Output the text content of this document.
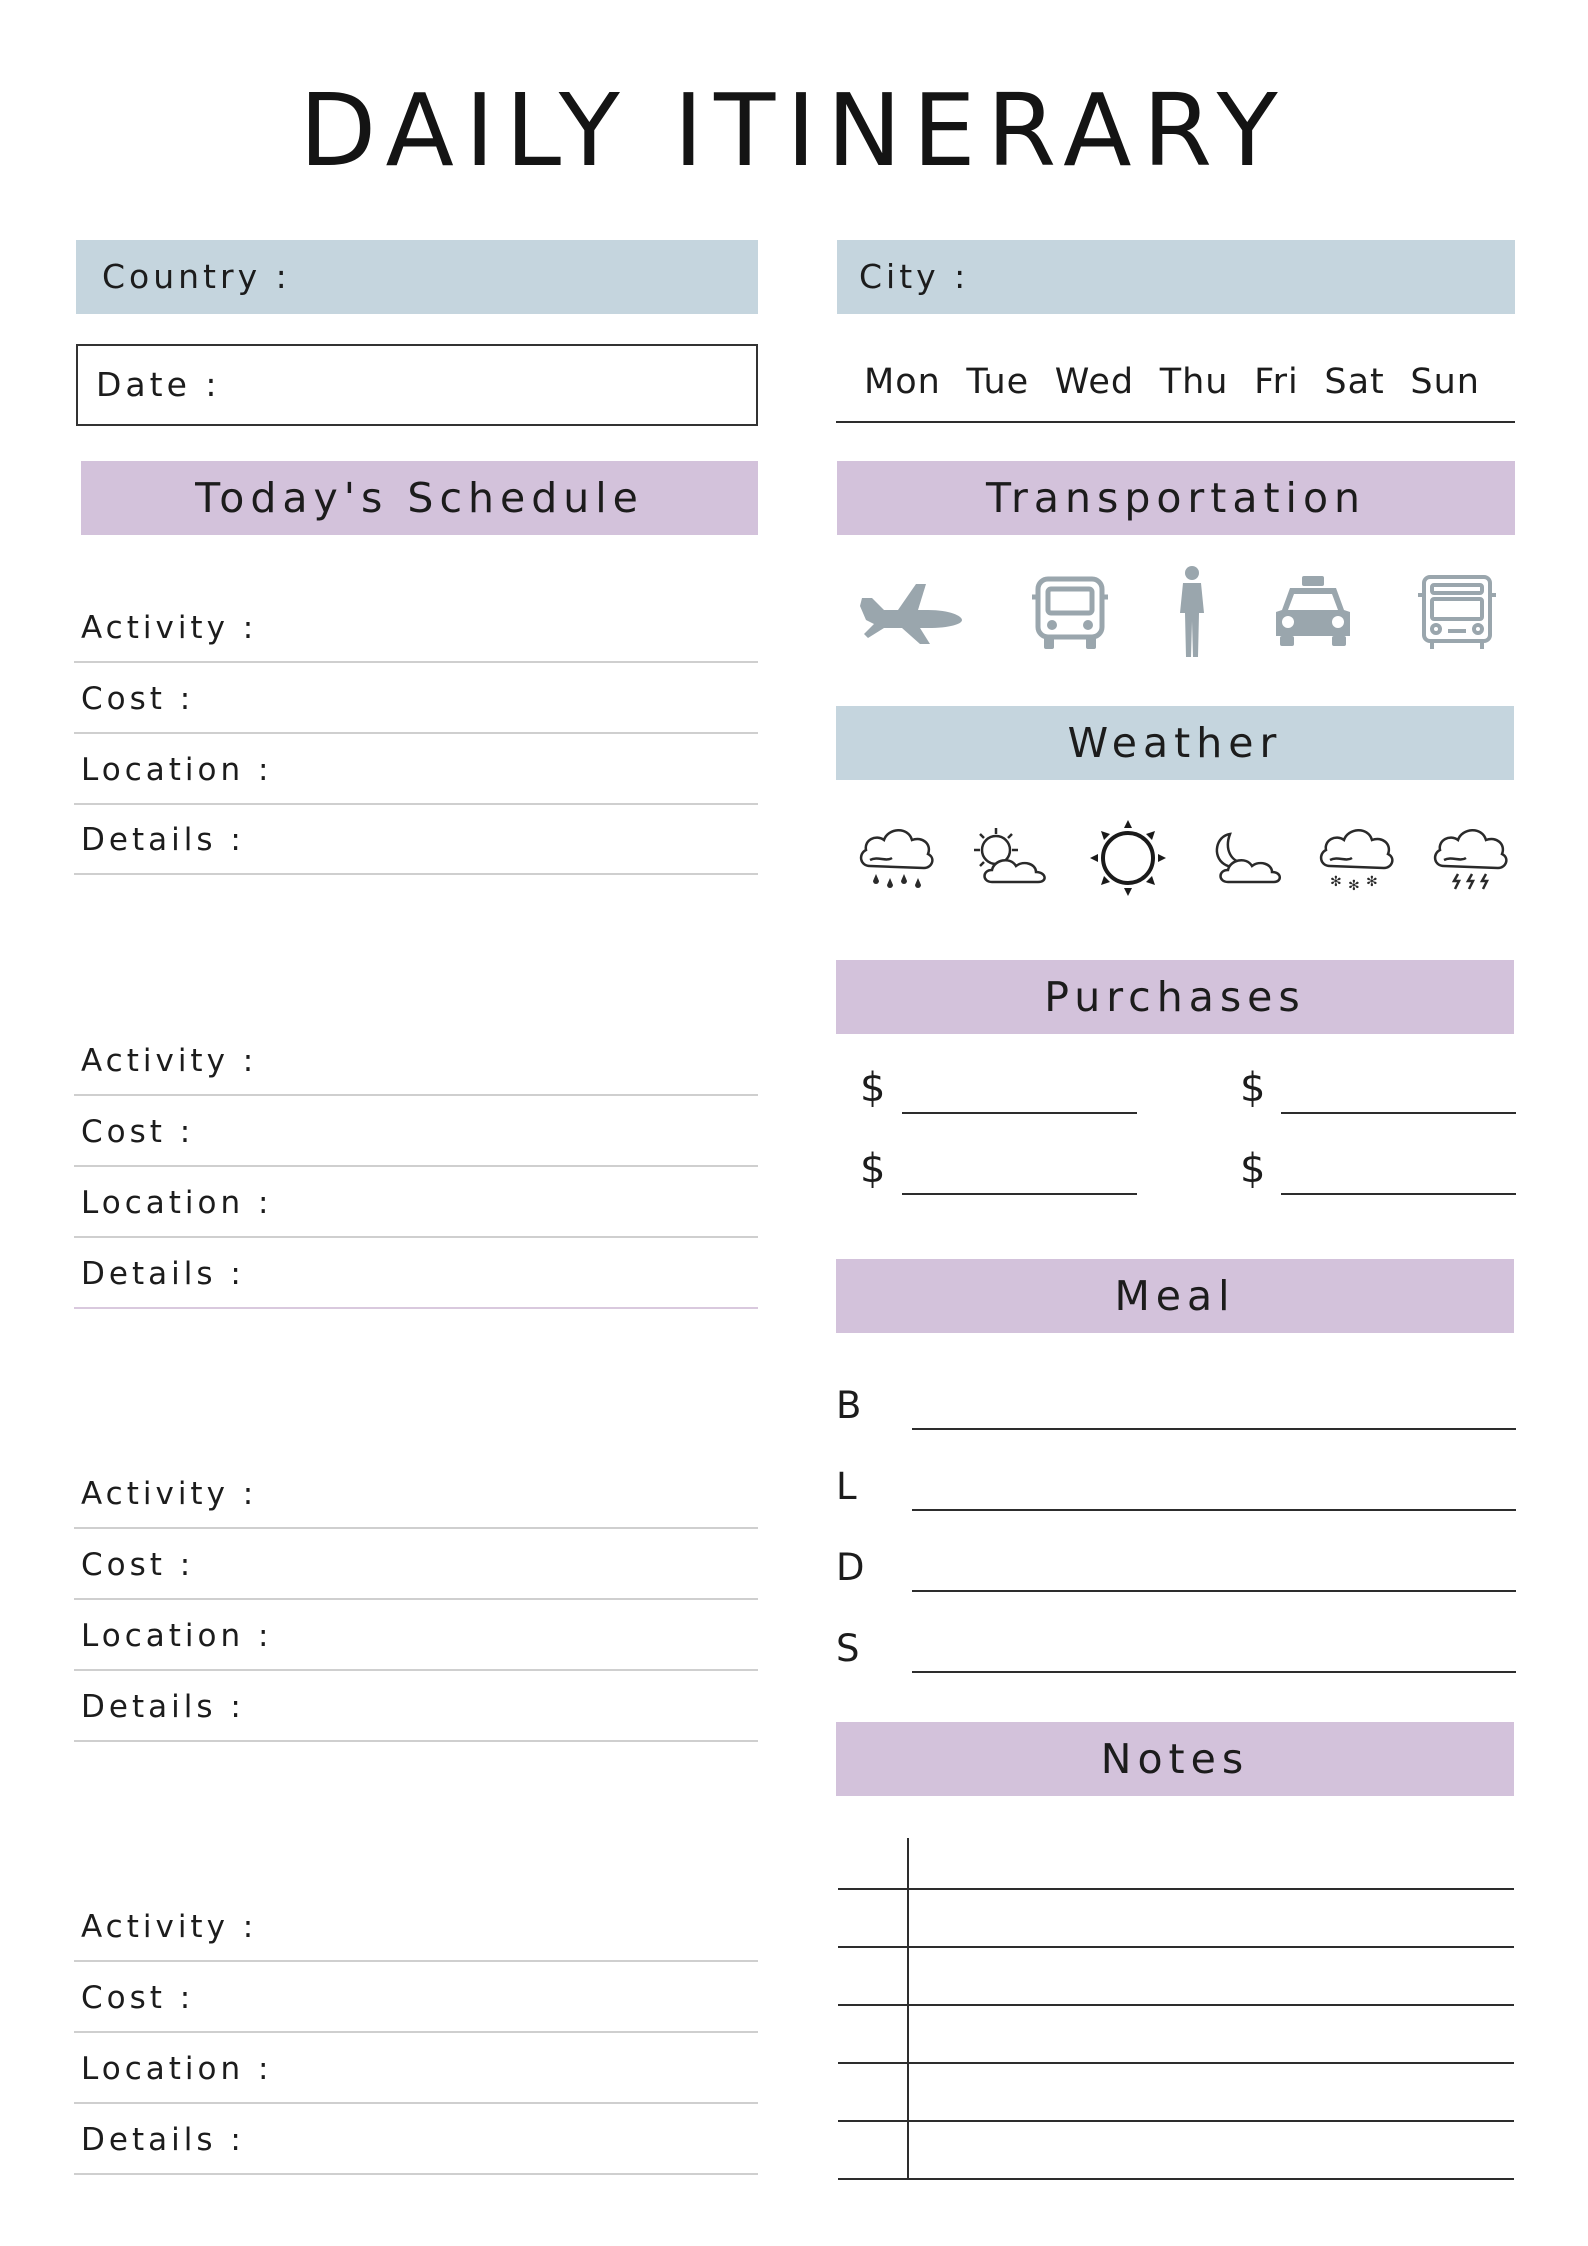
DAILY ITINERARY
Country :	City :
Date :	Mon Tue Wed Thu Fri Sat Sun
Today's Schedule	Transportation
Activity :
Cost :
Location :
Details :
Activity :
Cost :
Location :
Details :
Activity :
Cost :
Location :
Details :
Activity :
Cost :
Location :
Details :
Weather
✻ ✻ ✻
Purchases
$	$
$	$
Meal
B
L
D
S
Notes
